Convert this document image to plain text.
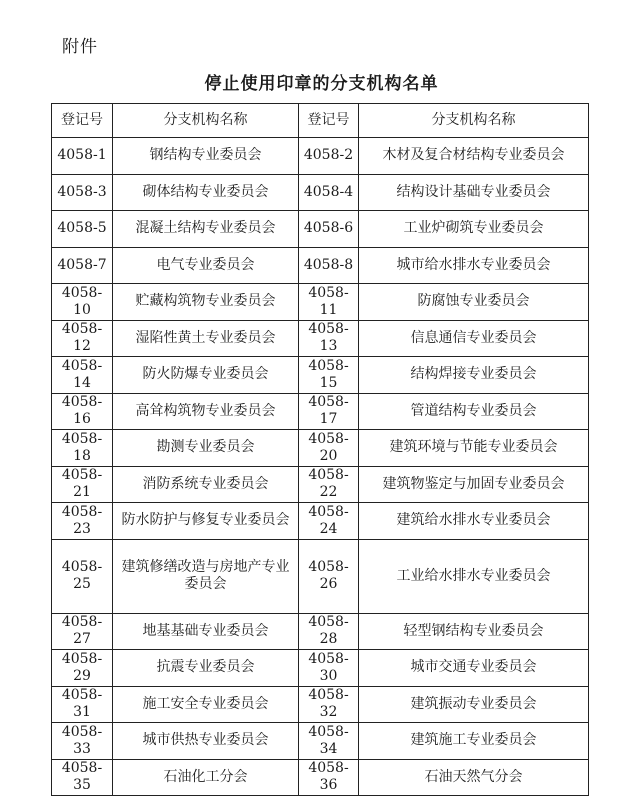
附件
停止使用印章的分支机构名单
登记号	分支机构名称	登记号	分支机构名称
4058-1	钢结构专业委员会	4058-2	木材及复合材结构专业委员会
4058-3	砌体结构专业委员会	4058-4	结构设计基础专业委员会
4058-5	混凝土结构专业委员会	4058-6	工业炉砌筑专业委员会
4058-7	电气专业委员会	4058-8	城市给水排水专业委员会
4058-10	贮藏构筑物专业委员会	4058-11	防腐蚀专业委员会
4058-12	湿陷性黄土专业委员会	4058-13	信息通信专业委员会
4058-14	防火防爆专业委员会	4058-15	结构焊接专业委员会
4058-16	高耸构筑物专业委员会	4058-17	管道结构专业委员会
4058-18	勘测专业委员会	4058-20	建筑环境与节能专业委员会
4058-21	消防系统专业委员会	4058-22	建筑物鉴定与加固专业委员会
4058-23	防水防护与修复专业委员会	4058-24	建筑给水排水专业委员会
4058-25	建筑修缮改造与房地产专业委员会	4058-26	工业给水排水专业委员会
4058-27	地基基础专业委员会	4058-28	轻型钢结构专业委员会
4058-29	抗震专业委员会	4058-30	城市交通专业委员会
4058-31	施工安全专业委员会	4058-32	建筑振动专业委员会
4058-33	城市供热专业委员会	4058-34	建筑施工专业委员会
4058-35	石油化工分会	4058-36	石油天然气分会
